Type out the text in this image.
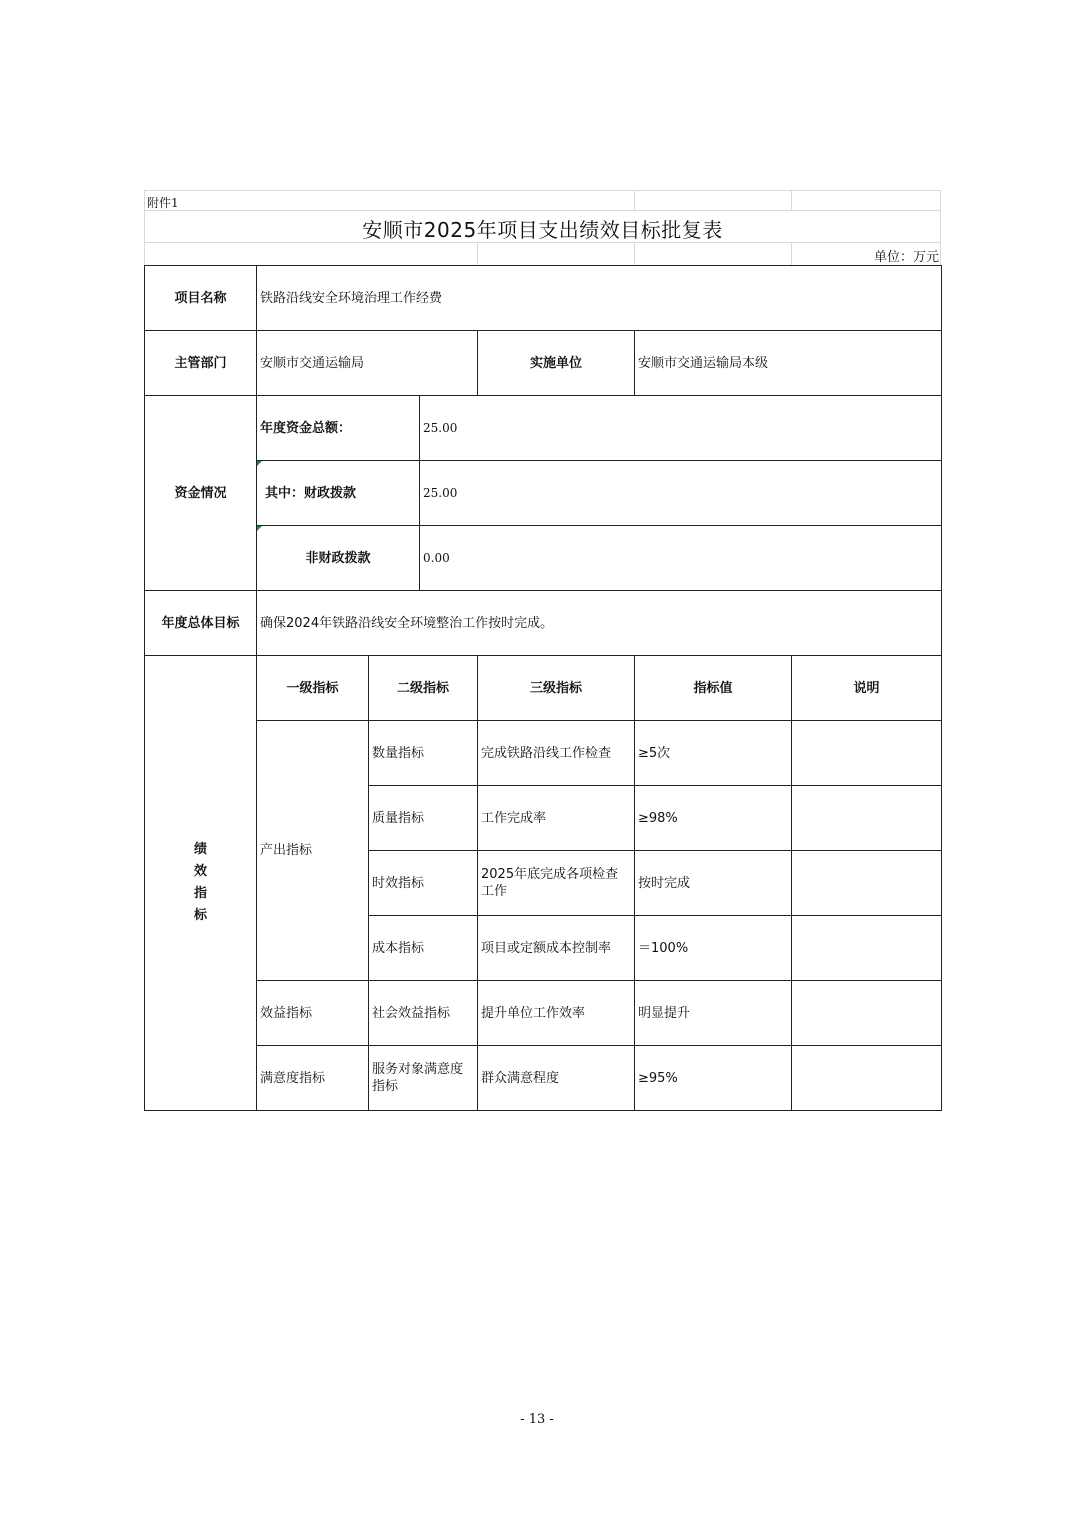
附件1
安顺市2025年项目支出绩效目标批复表
单位：万元
项目名称	铁路沿线安全环境治理工作经费					
主管部门	安顺市交通运输局			实施单位	安顺市交通运输局本级	
资金情况	年度资金总额：		25.00			
	其中：财政拨款		25.00			
	非财政拨款		0.00			
年度总体目标	确保2024年铁路沿线安全环境整治工作按时完成。					
绩效指标	一级指标	二级指标		三级指标	指标值	说明
	产出指标	数量指标		完成铁路沿线工作检查	≥5次	
		质量指标		工作完成率	≥98%	
		时效指标		2025年底完成各项检查工作	按时完成	
		成本指标		项目或定额成本控制率	＝100%	
	效益指标	社会效益指标		提升单位工作效率	明显提升	
	满意度指标	服务对象满意度指标		群众满意程度	≥95%	
- 13 -
